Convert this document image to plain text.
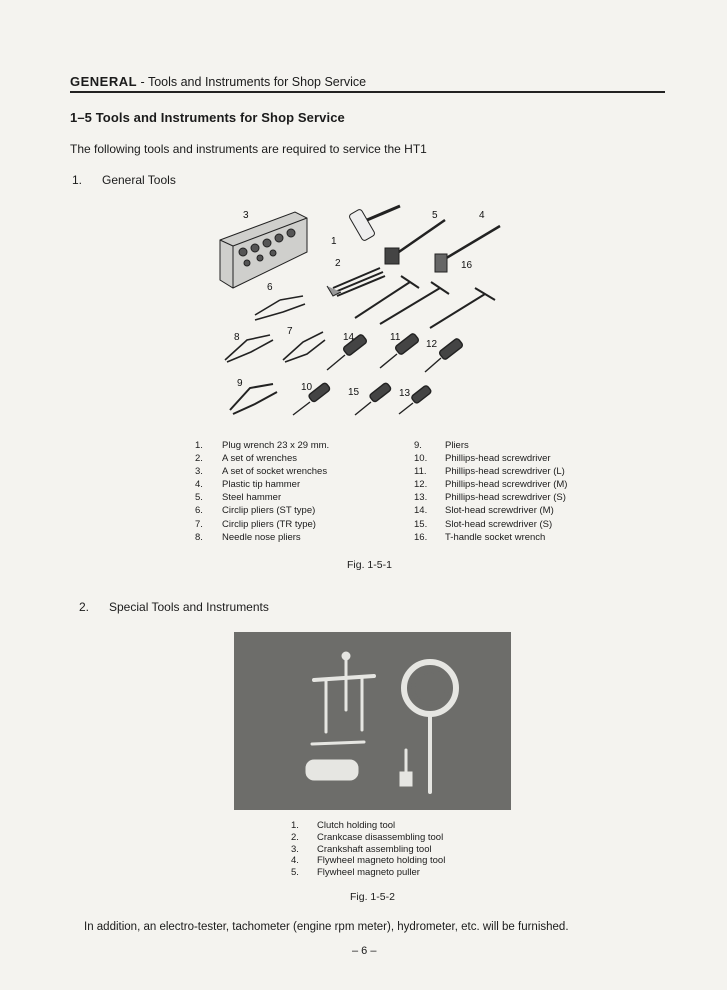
GENERAL - Tools and Instruments for Shop Service
1–5 Tools and Instruments for Shop Service
The following tools and instruments are required to service the HT1
1. General Tools
3	5	4
1
2	16
6
8
7
14	11
12
9	10	15	13
1. Plug wrench 23 x 29 mm.
2. A set of wrenches
3. A set of socket wrenches
4. Plastic tip hammer
5. Steel hammer
6. Circlip pliers (ST type)
7. Circlip pliers (TR type)
8. Needle nose pliers
9. Pliers
10. Phillips-head screwdriver
11. Phillips-head screwdriver (L)
12. Phillips-head screwdriver (M)
13. Phillips-head screwdriver (S)
14. Slot-head screwdriver (M)
15. Slot-head screwdriver (S)
16. T-handle socket wrench
Fig. 1-5-1
2. Special Tools and Instruments
1. Clutch holding tool
2. Crankcase disassembling tool
3. Crankshaft assembling tool
4. Flywheel magneto holding tool
5. Flywheel magneto puller
Fig. 1-5-2
In addition, an electro-tester, tachometer (engine rpm meter), hydrometer, etc. will be furnished.
– 6 –
